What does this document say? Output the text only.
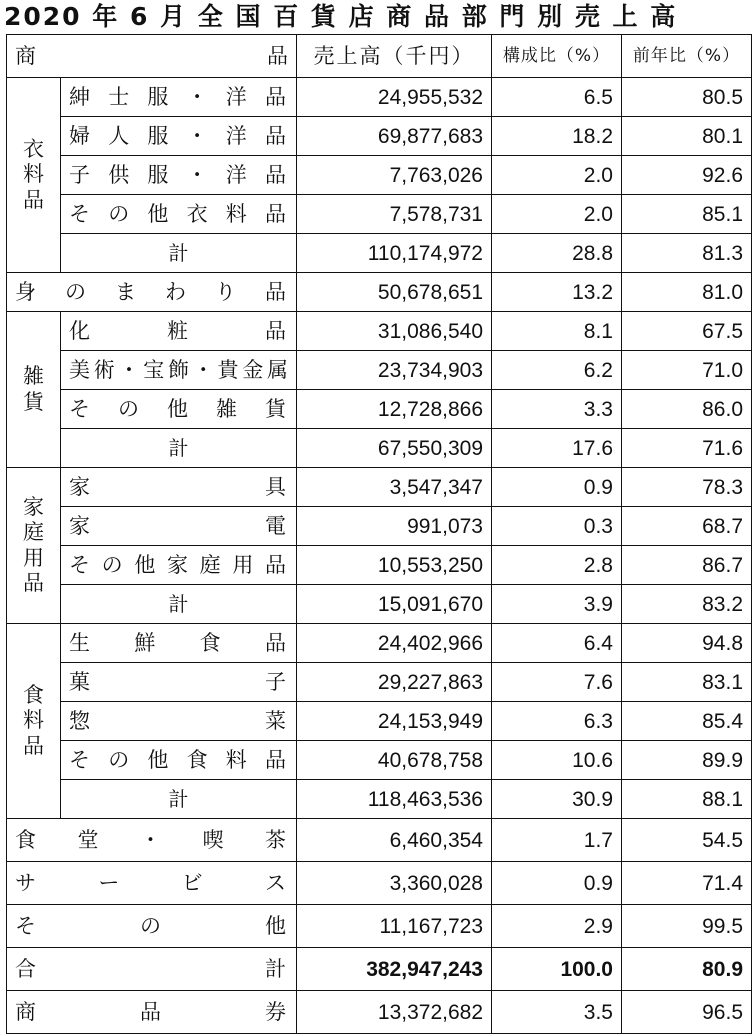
2020 年 6 月 全 国 百 貨 店 商 品 部 門 別 売 上 高
商 品		売上高（千円）	構成比（%）	前年比（%）

衣
料
品	紳士服・洋品	24,955,532	6.5	80.5
	婦人服・洋品	69,877,683	18.2	80.1
	子供服・洋品	7,763,026	2.0	92.6
	その他衣料品	7,578,731	2.0	85.1
	計	110,174,972	28.8	81.3
身のまわり品		50,678,651	13.2	81.0

雑
貨	化粧品	31,086,540	8.1	67.5
	美術・宝飾・貴金属	23,734,903	6.2	71.0
	その他雑貨	12,728,866	3.3	86.0
	計	67,550,309	17.6	71.6

家
庭
用
品	家具	3,547,347	0.9	78.3
	家電	991,073	0.3	68.7
	その他家庭用品	10,553,250	2.8	86.7
	計	15,091,670	3.9	83.2

食
料
品	生鮮食品	24,402,966	6.4	94.8
	菓子	29,227,863	7.6	83.1
	惣菜	24,153,949	6.3	85.4
	その他食料品	40,678,758	10.6	89.9
	計	118,463,536	30.9	88.1
食堂・喫茶		6,460,354	1.7	54.5
サービス		3,360,028	0.9	71.4
その他		11,167,723	2.9	99.5
合計		382,947,243	100.0	80.9
商品券		13,372,682	3.5	96.5
